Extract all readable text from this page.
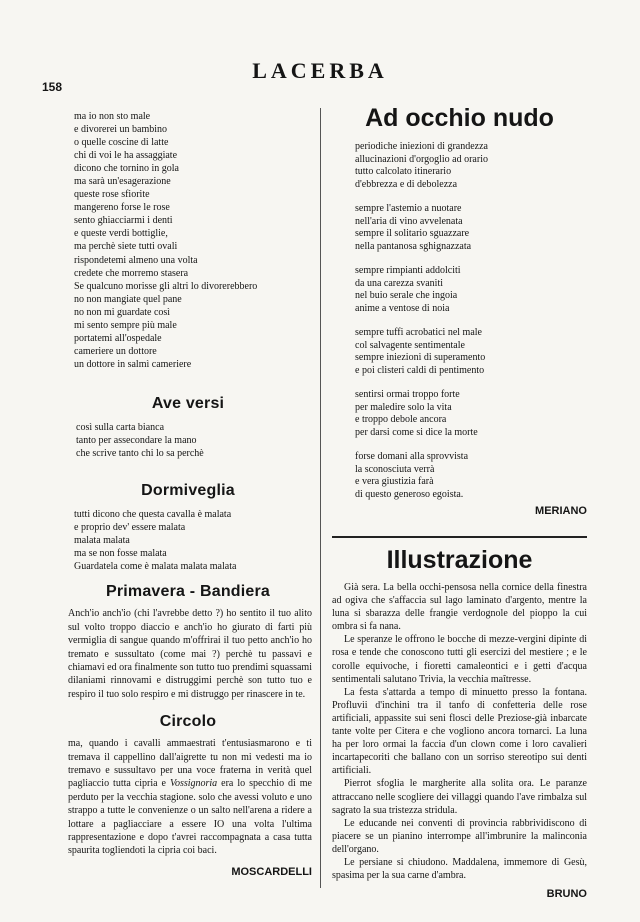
LACERBA
158
ma io non sto male
e divorerei un bambino
o quelle coscine di latte
chi di voi le ha assaggiate
dicono che tornino in gola
ma sarà un'esagerazione
queste rose sfiorite
mangereno forse le rose
sento ghiacciarmi i denti
e queste verdi bottiglie,
ma perchè siete tutti ovali
rispondetemi almeno una volta
credete che morremo stasera
Se qualcuno morisse gli altri lo divorerebbero
no non mangiate quel pane
no non mi guardate così
mi sento sempre più male
portatemi all'ospedale
cameriere un dottore
un dottore in salmì cameriere
Ave versi
così sulla carta bianca
tanto per assecondare la mano
che scrive tanto chi lo sa perchè
Dormiveglia
tutti dicono che questa cavalla è malata
e proprio dev' essere malata
malata malata
ma se non fosse malata
Guardatela come è malata malata malata
Primavera - Bandiera

Anch'io anch'io (chi l'avrebbe detto ?) ho sentito il tuo alito sul volto troppo diaccio e anch'io ho giurato di farti più vermiglia di sangue quando m'offrirai il tuo petto anch'io ho tremato e sussultato (come mai ?) perchè tu passavi e chiamavi ed ora finalmente son tutto tuo prendimi squassami dilaniami rinnovami e distruggimi perchè son tutto tuo e respiro il tuo solo respiro e mi distruggo per rinascere in te.

Circolo

ma, quando i cavalli ammaestrati t'entusiasmarono e ti tremava il cappellino dall'aigrette tu non mi vedesti ma io tremavo e sussultavo per una voce fraterna in verità quel pagliaccio tutta cipria e Vossignoria era lo specchio di me perduto per la vecchia stagione. solo che avessi voluto e uno strappo a tutte le convenienze o un salto nell'arena a ridere a lottare a pagliacciare a essere IO una volta l'ultima rappresentazione e dopo t'avrei raccompagnata a casa tutta spaurita togliendoti la cipria coi baci.

MOSCARDELLI
Ad occhio nudo
periodiche iniezioni di grandezza
allucinazioni d'orgoglio ad orario
tutto calcolato itinerario
d'ebbrezza e di debolezza
sempre l'astemio a nuotare
nell'aria di vino avvelenata
sempre il solitario sguazzare
nella pantanosa sghignazzata
sempre rimpianti addolciti
da una carezza svaniti
nel buio serale che ingoia
anime a ventose di noia
sempre tuffi acrobatici nel male
col salvagente sentimentale
sempre iniezioni di superamento
e poi clisteri caldi di pentimento
sentirsi ormai troppo forte
per maledire solo la vita
e troppo debole ancora
per darsi come si dice la morte
forse domani alla sprovvista
la sconosciuta verrà
e vera giustizia farà
di questo generoso egoista.
MERIANO
Illustrazione

Già sera. La bella occhi-pensosa nella cornice della finestra ad ogiva che s'affaccia sul lago laminato d'argento, mentre la luna si sbarazza delle frangie verdognole del pioppo la cui ombra si fa nana.

Le speranze le offrono le bocche di mezze-vergini dipinte di rosa e tende che conoscono tutti gli esercizi del mestiere ; e le corolle equivoche, i fioretti camaleontici e i getti d'acqua sentimentali salutano Trivia, la vecchia maîtresse.

La festa s'attarda a tempo di minuetto presso la fontana. Profluvii d'inchini tra il tanfo di confetteria delle rose artificiali, appassite sui seni flosci delle Preziose-già inbarcate tante volte per Citera e che vogliono ancora tornarci. La luna ha per loro ormai la faccia d'un clown come i loro cavalieri incartapecoriti che ballano con un sorriso stereotipo sui denti artificiali.

Pierrot sfoglia le margherite alla solita ora. Le paranze attraccano nelle scogliere dei villaggi quando l'ave rimbalza sul sagrato la sua tristezza stridula.

Le educande nei conventi di provincia rabbrividiscono di piacere se un pianino interrompe all'imbrunire la malinconia dell'organo.

Le persiane si chiudono. Maddalena, immemore di Gesù, spasima per la sua carne d'ambra.

BRUNO
